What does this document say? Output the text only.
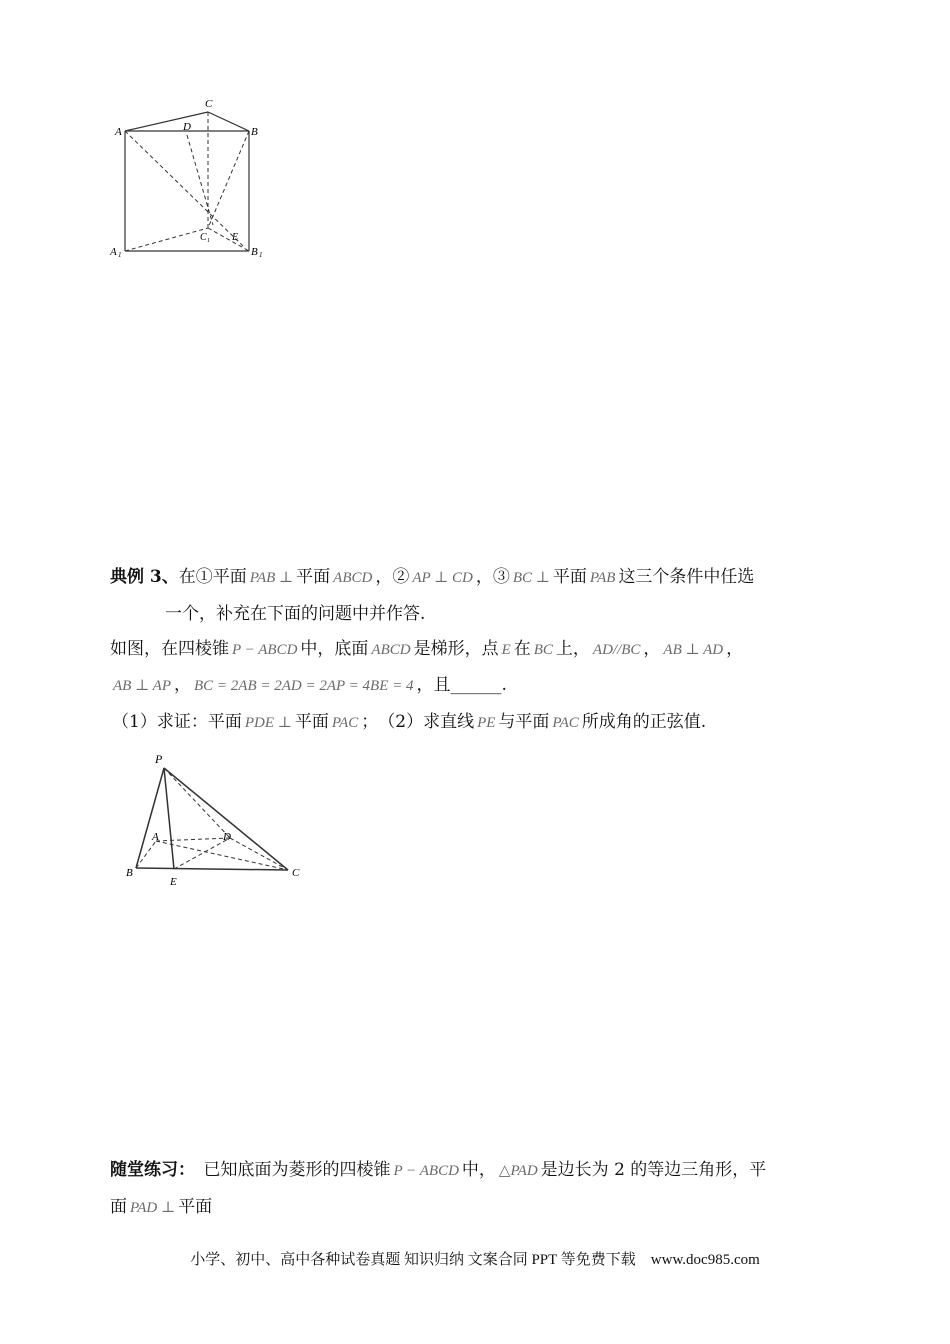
A
C
B
D
E
A 1	B 1
C 1
典例 3、在①平面 PAB ⊥ 平面 ABCD ，② AP ⊥ CD ，③ BC ⊥ 平面 PAB 这三个条件中任选
一个，补充在下面的问题中并作答.
如图，在四棱锥 P − ABCD 中，底面 ABCD 是梯形，点 E 在 BC 上， AD//BC ， AB ⊥ AD ，
AB ⊥ AP ， BC = 2AB = 2AD = 2AP = 4BE = 4 ，且______.
（1）求证：平面 PDE ⊥ 平面 PAC ；　（2）求直线 PE 与平面 PAC 所成角的正弦值.
P
A	D
B
E
C
随堂练习：　已知底面为菱形的四棱锥 P − ABCD 中， △PAD 是边长为 2 的等边三角形，平
面 PAD ⊥ 平面
小学、初中、高中各种试卷真题 知识归纳 文案合同 PPT 等免费下载　www.doc985.com
